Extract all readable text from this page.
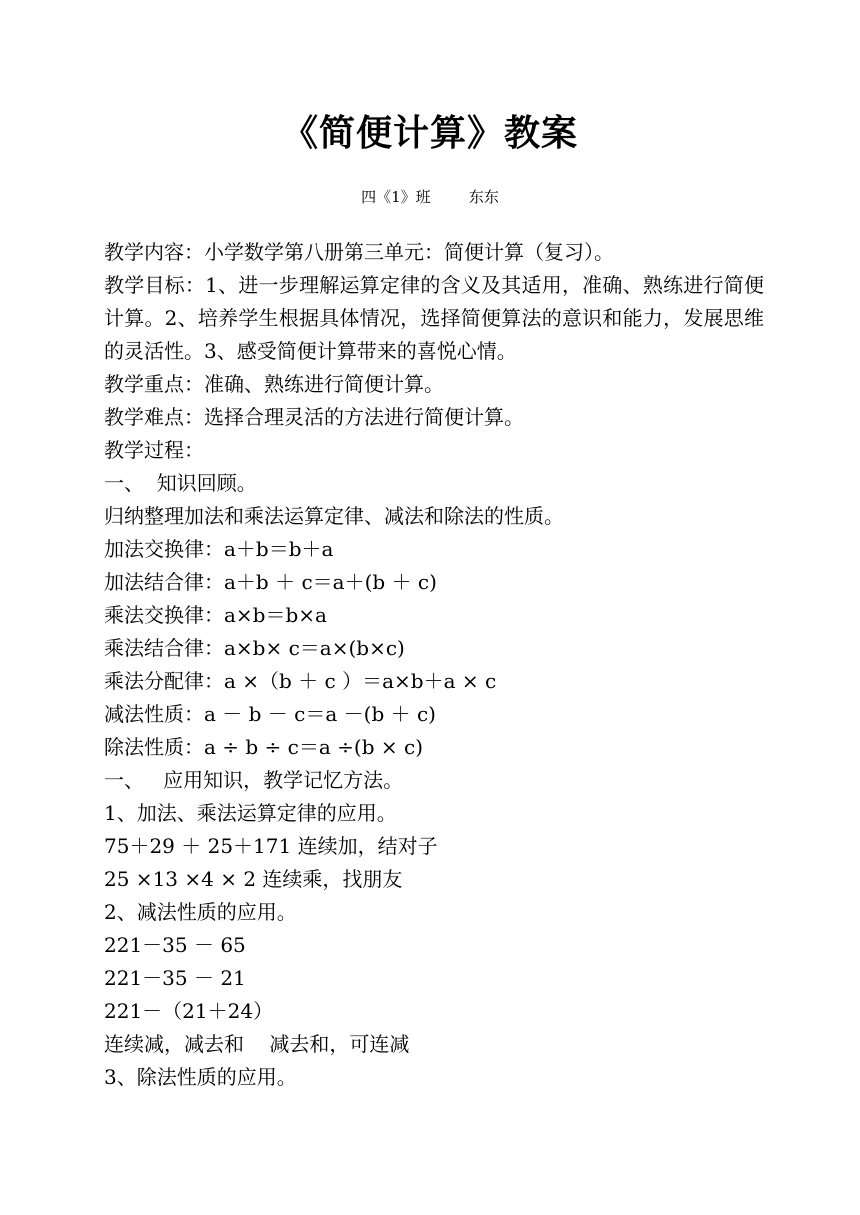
《简便计算》教案
四《1》班        东东
教学内容：小学数学第八册第三单元：简便计算（复习）。
教学目标：1、进一步理解运算定律的含义及其适用，准确、熟练进行简便计算。2、培养学生根据具体情况，选择简便算法的意识和能力，发展思维的灵活性。3、感受简便计算带来的喜悦心情。
教学重点：准确、熟练进行简便计算。
教学难点：选择合理灵活的方法进行简便计算。
教学过程：
一、  知识回顾。
归纳整理加法和乘法运算定律、减法和除法的性质。
加法交换律：a＋b＝b＋a
加法结合律：a＋b ＋ c＝a＋(b ＋ c)
乘法交换律：a×b＝b×a
乘法结合律：a×b× c＝a×(b×c)
乘法分配律：a ×（b ＋ c ）＝a×b＋a × c
减法性质：a － b － c＝a －(b ＋ c)
除法性质：a ÷ b ÷ c＝a ÷(b × c)
一、   应用知识，教学记忆方法。
1、加法、乘法运算定律的应用。
75＋29 ＋ 25＋171 连续加，结对子
25 ×13 ×4 × 2 连续乘，找朋友
2、减法性质的应用。
221－35 － 65
221－35 － 21
221－（21＋24）
连续减，减去和    减去和，可连减
3、除法性质的应用。
